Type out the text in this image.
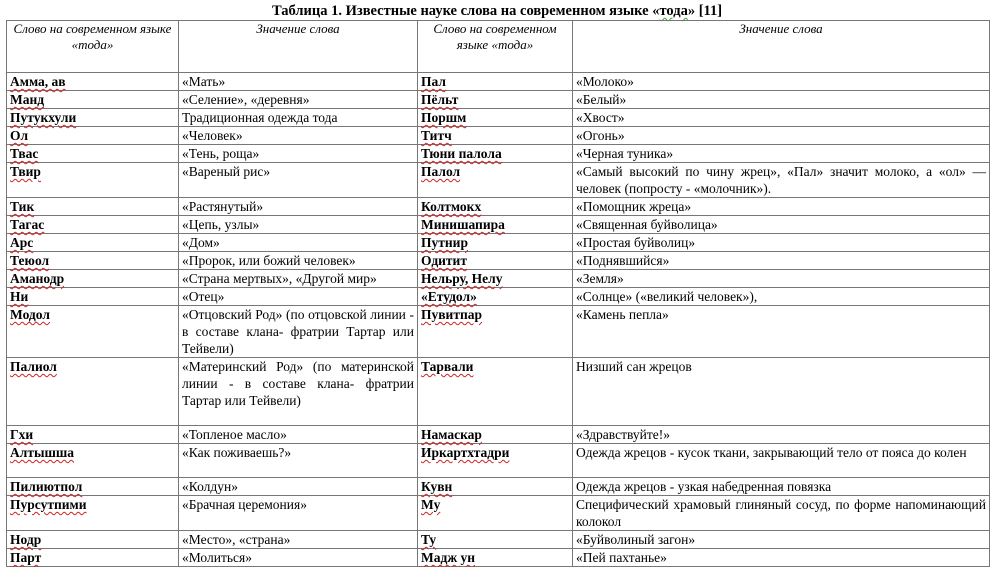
Таблица 1. Известные науке слова на современном языке «тода» [11]
Слово на современном языке «тода»	Значение слова	Слово на современном языке «тода»	Значение слова
Амма, ав	«Мать»	Пал	«Молоко»
Манд	«Селение», «деревня»	Пёльт	«Белый»
Путукхули	Традиционная одежда тода	Поршм	«Хвост»
Ол	«Человек»	Титч	«Огонь»
Твас	«Тень, роща»	Тюни палола	«Черная туника»
Твир	«Вареный рис»	Палол	«Самый высокий по чину жрец», «Пал» значит молоко, а «ол» — человек (попросту - «молочник»).
Тик	«Растянутый»	Колтмокх	«Помощник жреца»
Тагас	«Цепь, узлы»	Минишапира	«Священная буйволица»
Арс	«Дом»	Путнир	«Простая буйволиц»
Теюол	«Пророк, или божий человек»	Одитит	«Поднявшийся»
Аманодр	«Страна мертвых», «Другой мир»	Нельру, Нелу	«Земля»
Ни	«Отец»	«Етудол»	«Солнце» («великий человек»),
Модол	«Отцовский Род» (по отцовской линии - в составе клана- фратрии Тартар или Тейвели)	Пувитпар	«Камень пепла»
Палиол	«Материнский Род» (по материнской линии - в составе клана- фратрии Тартар или Тейвели)	Тарвали	Низший сан жрецов
Гхи	«Топленое масло»	Намаскар	«Здравствуйте!»
Алтышша	«Как поживаешь?»	Иркартхтадри	Одежда жрецов - кусок ткани, закрывающий тело от пояса до колен
Пилиютпол	«Колдун»	Кувн	Одежда жрецов - узкая набедренная повязка
Пурсутпими	«Брачная церемония»	Му	Специфический храмовый глиняный сосуд, по форме напоминающий колокол
Нодр	«Место», «страна»	Ту	«Буйволиный загон»
Парт	«Молиться»	Мадж ун	«Пей пахтанье»
